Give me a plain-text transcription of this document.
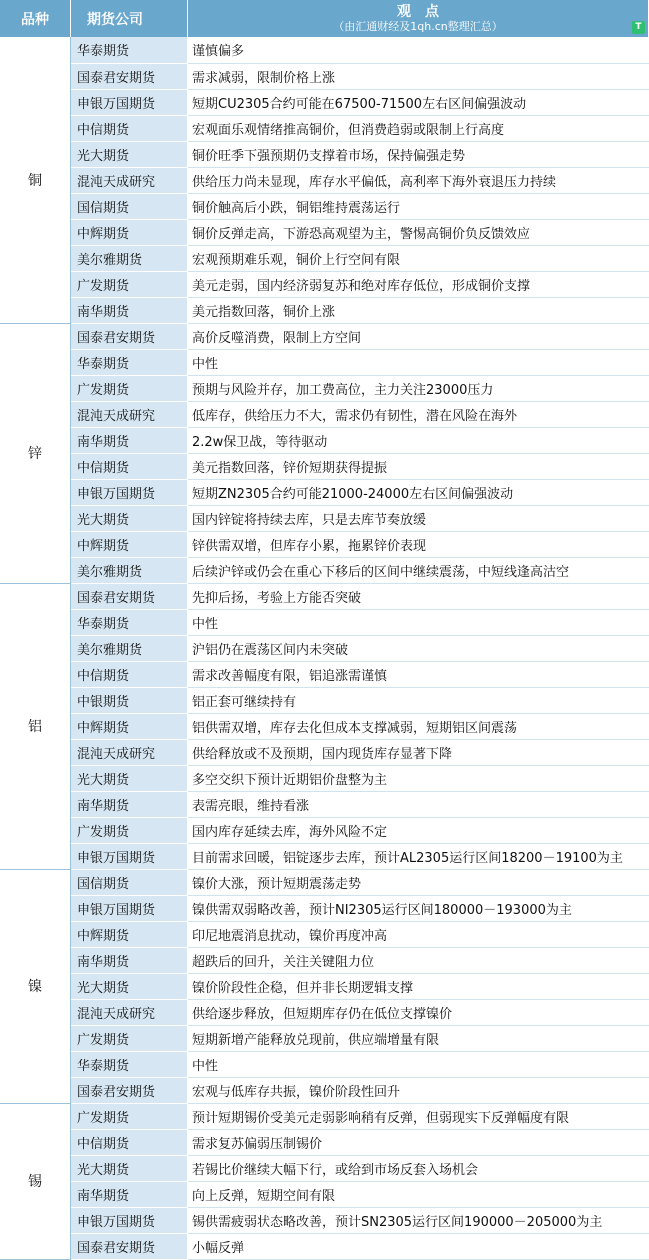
品种	期货公司	观　点
（由汇通财经及1qh.cn整理汇总） T

铜	华泰期货	谨慎偏多
	国泰君安期货	需求减弱，限制价格上涨
	申银万国期货	短期CU2305合约可能在67500-71500左右区间偏强波动
	中信期货	宏观面乐观情绪推高铜价，但消费趋弱或限制上行高度
	光大期货	铜价旺季下强预期仍支撑着市场，保持偏强走势
	混沌天成研究	供给压力尚未显现，库存水平偏低，高利率下海外衰退压力持续
	国信期货	铜价触高后小跌，铜铝维持震荡运行
	中辉期货	铜价反弹走高，下游恐高观望为主，警惕高铜价负反馈效应
	美尔雅期货	宏观预期难乐观，铜价上行空间有限
	广发期货	美元走弱，国内经济弱复苏和绝对库存低位，形成铜价支撑
	南华期货	美元指数回落，铜价上涨
锌	国泰君安期货	高价反噬消费，限制上方空间
	华泰期货	中性
	广发期货	预期与风险并存，加工费高位，主力关注23000压力
	混沌天成研究	低库存，供给压力不大，需求仍有韧性，潜在风险在海外
	南华期货	2.2w保卫战，等待驱动
	中信期货	美元指数回落，锌价短期获得提振
	申银万国期货	短期ZN2305合约可能21000-24000左右区间偏强波动
	光大期货	国内锌锭将持续去库，只是去库节奏放缓
	中辉期货	锌供需双增，但库存小累，拖累锌价表现
	美尔雅期货	后续沪锌或仍会在重心下移后的区间中继续震荡，中短线逢高沽空
铝	国泰君安期货	先抑后扬，考验上方能否突破
	华泰期货	中性
	美尔雅期货	沪铝仍在震荡区间内未突破
	中信期货	需求改善幅度有限，铝追涨需谨慎
	中银期货	铝正套可继续持有
	中辉期货	铝供需双增，库存去化但成本支撑减弱，短期铝区间震荡
	混沌天成研究	供给释放或不及预期，国内现货库存显著下降
	光大期货	多空交织下预计近期铝价盘整为主
	南华期货	表需亮眼，维持看涨
	广发期货	国内库存延续去库，海外风险不定
	申银万国期货	目前需求回暖，铝锭逐步去库，预计AL2305运行区间18200－19100为主
镍	国信期货	镍价大涨，预计短期震荡走势
	申银万国期货	镍供需双弱略改善，预计NI2305运行区间180000－193000为主
	中辉期货	印尼地震消息扰动，镍价再度冲高
	南华期货	超跌后的回升，关注关键阻力位
	光大期货	镍价阶段性企稳，但并非长期逻辑支撑
	混沌天成研究	供给逐步释放，但短期库存仍在低位支撑镍价
	广发期货	短期新增产能释放兑现前，供应端增量有限
	华泰期货	中性
	国泰君安期货	宏观与低库存共振，镍价阶段性回升
锡	广发期货	预计短期锡价受美元走弱影响稍有反弹，但弱现实下反弹幅度有限
	中信期货	需求复苏偏弱压制锡价
	光大期货	若锡比价继续大幅下行，或给到市场反套入场机会
	南华期货	向上反弹，短期空间有限
	申银万国期货	锡供需疲弱状态略改善，预计SN2305运行区间190000－205000为主
	国泰君安期货	小幅反弹
